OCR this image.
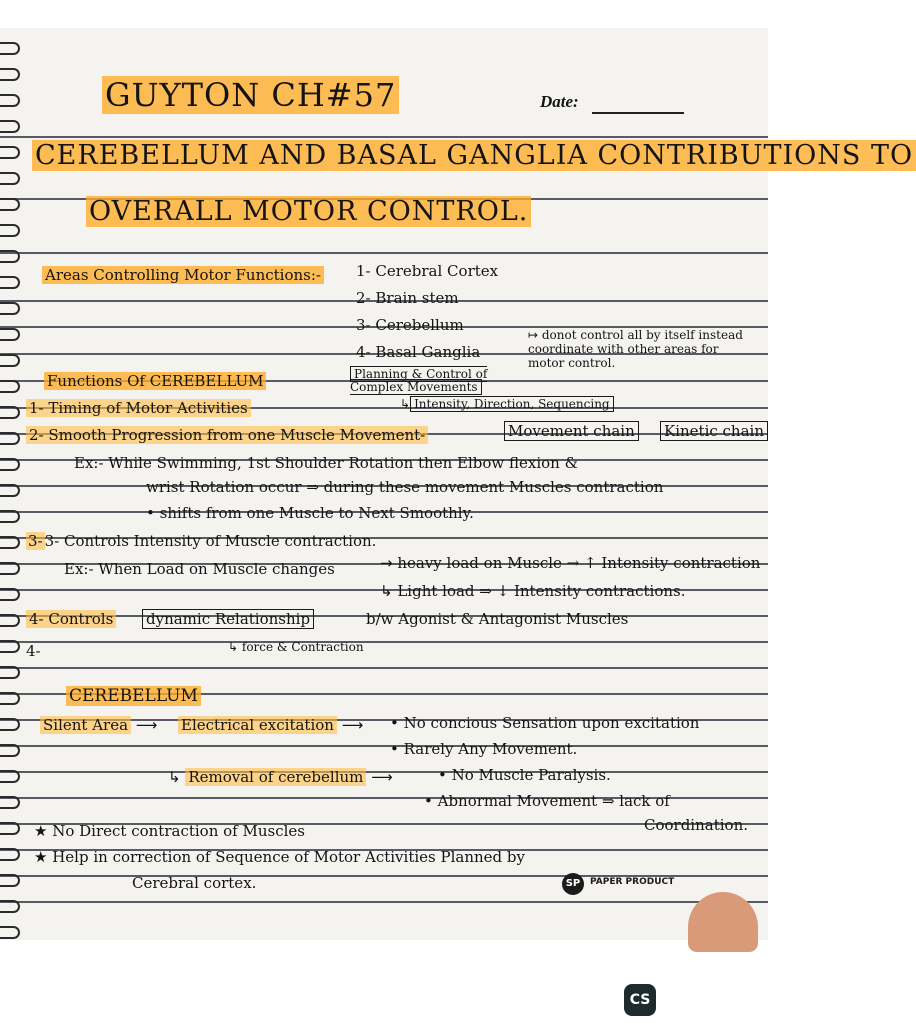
GUYTON CH#57	Date:
CEREBELLUM AND BASAL GANGLIA CONTRIBUTIONS TO
OVERALL MOTOR CONTROL.
Areas Controlling Motor Functions:- 1- Cerebral Cortex
2- Brain stem
3- Cerebellum
4- Basal Ganglia
↦ donot control all by itself instead coordinate with other areas for motor control.
Functions Of CEREBELLUM	Planning & Control of Complex Movements
↳ Intensity, Direction, Sequencing
1- Timing of Motor Activities
2- Smooth Progression from one Muscle Movement-	Movement chain Kinetic chain
Ex:- While Swimming, 1st Shoulder Rotation then Elbow flexion &
wrist Rotation occur ⇒ during these movement Muscles contraction
• shifts from one Muscle to Next Smoothly.
3- 3- Controls Intensity of Muscle contraction.
Ex:- When Load on Muscle changes	→ heavy load on Muscle → ↑ Intensity contraction
↳ Light load ⇒ ↓ Intensity contractions.
4- Controls dynamic Relationship	b/w Agonist & Antagonist Muscles
↳ force & Contraction
4-
CEREBELLUM
Silent Area ⟶ Electrical excitation ⟶ • No concious Sensation upon excitation
• Rarely Any Movement.
↳ Removal of cerebellum ⟶	• No Muscle Paralysis.
• Abnormal Movement ⇒ lack of
Coordination.
★ No Direct contraction of Muscles
★ Help in correction of Sequence of Motor Activities Planned by
Cerebral cortex.	SP	PAPER PRODUCT
CS
